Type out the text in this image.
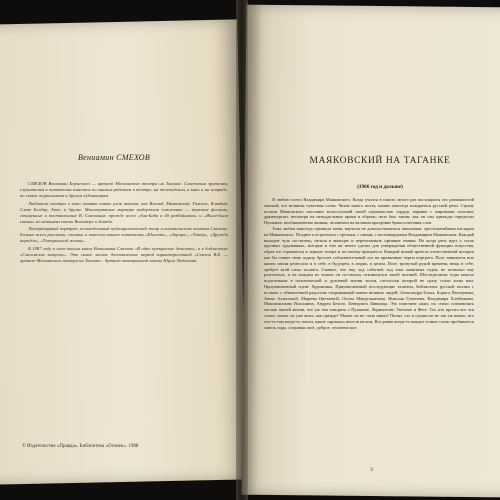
Вениамин СМЕХОВ

СМЕХОВ Вениамин Борисович — артист Московского театра на Таганке. Советским зрителям, слушателям и читателям известен по многим работам в театре, на телевидении, в кино и на эстраде, по своим журнальным и другим публикациям.

Любители театра и кино помнят такие роли актера, как Воланд, Маяковский, Гамлет, Клавдий, Сливе Белдир, Атос и другие. Многократные маркеры выдержали пластинки — звуковые фильмы, сочиненные и поставленные В. Смеховым: прежде всего «Али-Баба и 40 разбойников» и «Жила-была сказка» по мотивам сказок Вольтера и Запада.

Литературный портрет, исповедальный публицистический жанр и писательским опытом Смехова. Больше всего рассказы, статьи и повести пишет читателям «Юность», «Аврора», «Театр», «Дружба народов», «Театральной жизни».

В 1987 году в свет вышла книга Вениамина Смехова «В одно прекрасное детство», а в библиотеке «Смеховские выпуски». Это самое личное доставленное первой характеристикой «Смехов В.Б. — артист Московского театра на Таганке». Артист театральной школы Юрия Любимова.

© Издательство «Правда». Библиотека «Огонек». 1988
МАЯКОВСКИЙ НА ТАГАНКЕ
(1966 год и дальше)

Я люблю поэта Владимира Маяковского. Когда учился в школе, много раз восхищался его размашистой хваткой, его великим чувством слова. Читая такого поэта, можно навсегда покориться русской речи. Страну поэзии Маяковского населяют колоссальной своей огромностью сердца, наравне с мировыми поэтами, драматургии, несмотря на неподдельные крики и образы; поэт был таким, как он сам однажды определил Пушкина: необыкновенно живым, человеком на великом празднике бракосочетания слов.

Тема любви навсегда сдвинула меня, научила не довольствоваться школьным, хрестоматийным взглядом на Маяковского. Позднее я встретился с третьим, с пятым, с восемнадцатым Владимиром Маяковским. Каждый выходит чуть по-своему, нельзя и выводит и перетолковать прежние знания. Но когда речь идет о столь крупных художниках, которые в том же много сделал для утверждения общественной функции искусства, образ его отражается в зеркале театра и по-своему вращается. Каждый новый зритель отечественной истории как бы ставит свою задачу, бросает соблазнительный луч на привычные черты портрета. Поэт занимался всю жизнь своим ремеслом и в себе, в будущем, в людях, в целом. Поэт, тронутый рукой времени, вещь в себе, требует всей силы таланта. Главное, что ему ход событий, ход этих памятных годов, не позволял ему разучиться, и на каждом из этапов он по-своему откликнулся своей поэзией. Шестидесятые годы многое подготовили в политической и духовной жизни эпохи, отголоски которой не сразу стали ясны нам. Приумноженный сцене Художника, Приумноженной последующие таланты, библиотека русской поэзии с полною с обновленной радостью открывающей имена великих людей: Александра Блока, Бориса Пастернака, Анны Ахматовой, Марины Цветаевой, Осипа Мандельштама, Николая Гумилева, Владимира Хлебникова, Максимилиана Волошина, Андрея Белого, Бенедикта Лившица. Это поистине ожил, их стихи становились частью нашей жизни, что уж там говорить о Пушкине, Лермонтове, Тютчеве и Фете. Тот, кто прочел все эти стихи, может ли уже жить, как прежде? Может ли не стать иным? Понял, что в сущности не так уж важно, кто что-то там когда-то сказал, какие «ярлыки» висели на ком. Все равно когда-то каждое тонкое слово пробивается сквозь годы, сохраняя своё, доброе, человеческое.

3
